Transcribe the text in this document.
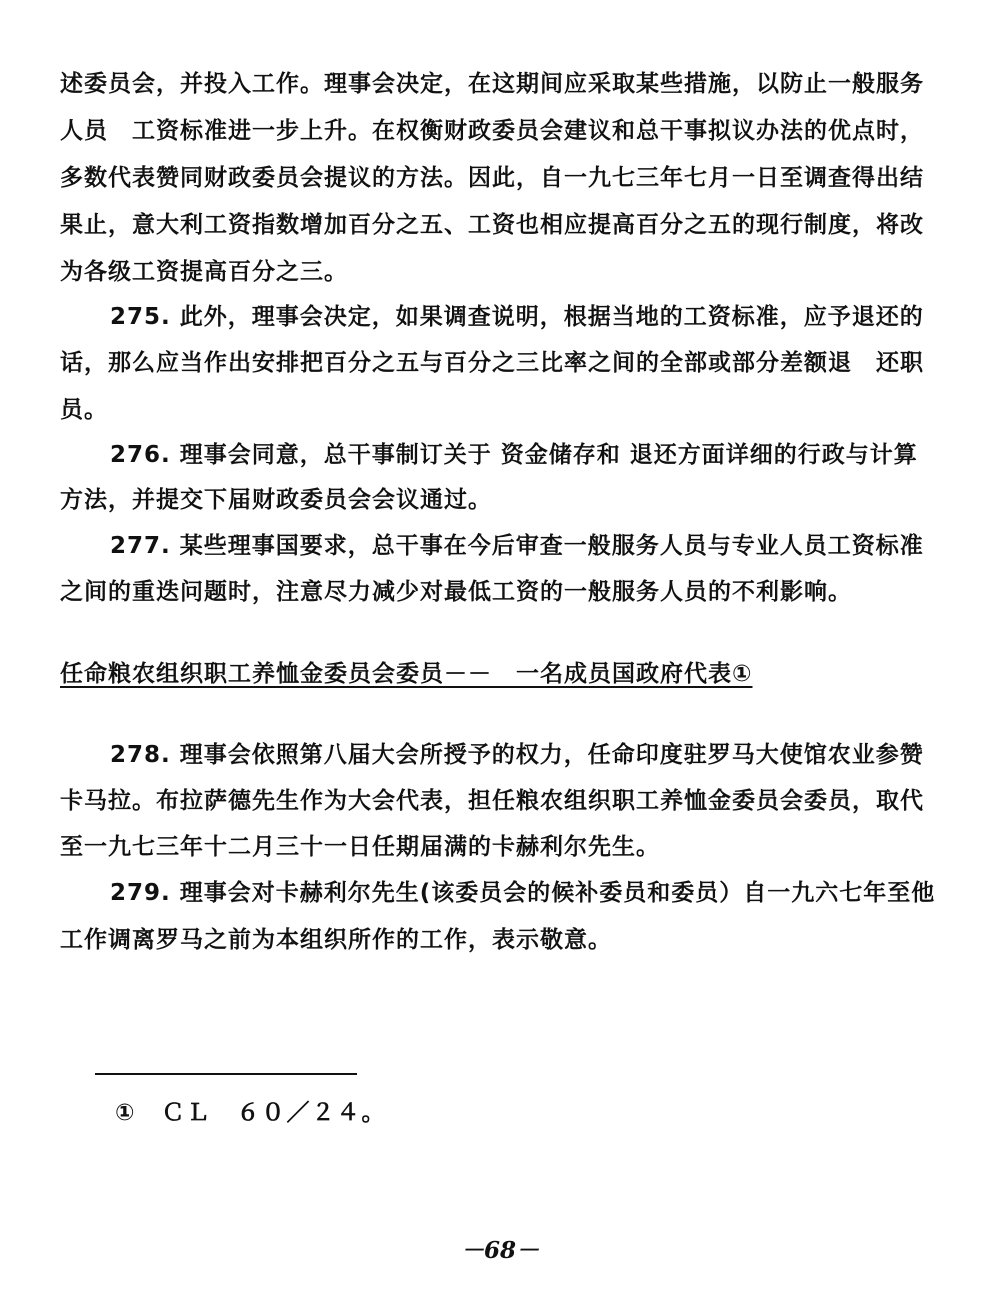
述委员会，并投入工作。理事会决定，在这期间应采取某些措施，以防止一般服务
人员　工资标准进一步上升。在权衡财政委员会建议和总干事拟议办法的优点时，
多数代表赞同财政委员会提议的方法。因此，自一九七三年七月一日至调查得出结
果止，意大利工资指数增加百分之五、工资也相应提高百分之五的现行制度，将改
为各级工资提高百分之三。
275. 此外，理事会决定，如果调查说明，根据当地的工资标准，应予退还的
话，那么应当作出安排把百分之五与百分之三比率之间的全部或部分差额退　还职
员。
276. 理事会同意，总干事制订关于 资金储存和 退还方面详细的行政与计算
方法，并提交下届财政委员会会议通过。
277. 某些理事国要求，总干事在今后审查一般服务人员与专业人员工资标准
之间的重迭问题时，注意尽力减少对最低工资的一般服务人员的不利影响。
任命粮农组织职工养恤金委员会委员－－　一名成员国政府代表①
278. 理事会依照第八届大会所授予的权力，任命印度驻罗马大使馆农业参赞
卡马拉。布拉萨德先生作为大会代表，担任粮农组织职工养恤金委员会委员，取代
至一九七三年十二月三十一日任期届满的卡赫利尔先生。
279. 理事会对卡赫利尔先生(该委员会的候补委员和委员）自一九六七年至他
工作调离罗马之前为本组织所作的工作，表示敬意。
①　ＣＬ　６０／２４。
－68－
